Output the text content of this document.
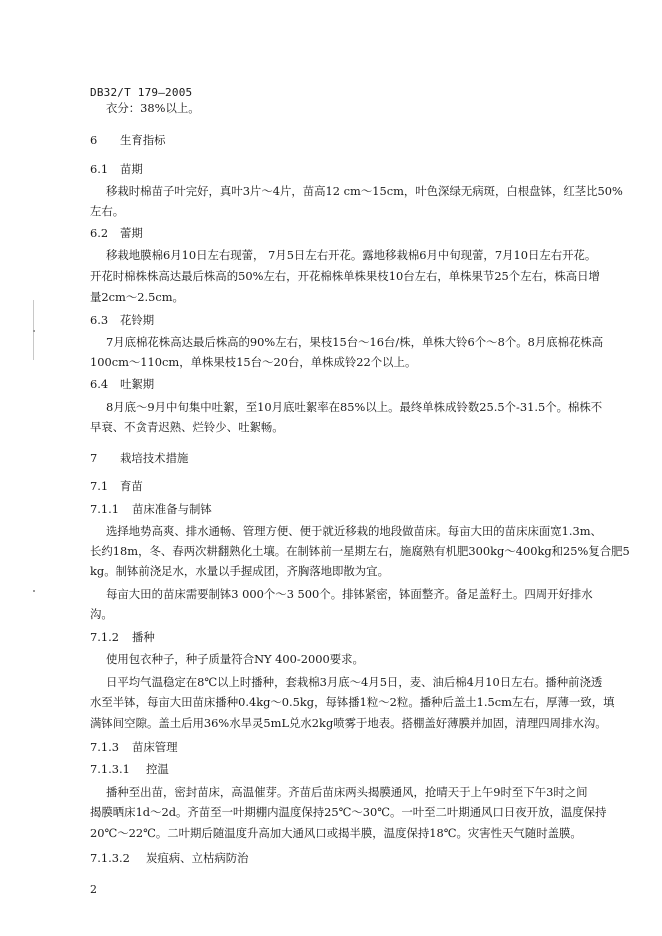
DB32/T 179—2005
衣分：38%以上。
6 生育指标
6.1 苗期
移栽时棉苗子叶完好，真叶3片～4片，苗高12 cm～15cm，叶色深绿无病斑，白根盘钵，红茎比50%
左右。
6.2 蕾期
移栽地膜棉6月10日左右现蕾， 7月5日左右开花。露地移栽棉6月中旬现蕾，7月10日左右开花。
开花时棉株株高达最后株高的50%左右，开花棉株单株果枝10台左右，单株果节25个左右，株高日增
量2cm～2.5cm。
6.3 花铃期
7月底棉花株高达最后株高的90%左右，果枝15台～16台/株，单株大铃6个～8个。8月底棉花株高
100cm～110cm，单株果枝15台～20台，单株成铃22个以上。
6.4 吐絮期
8月底～9月中旬集中吐絮，至10月底吐絮率在85%以上。最终单株成铃数25.5个-31.5个。棉株不
早衰、不贪青迟熟、烂铃少、吐絮畅。
7 栽培技术措施
7.1 育苗
7.1.1 苗床准备与制钵
选择地势高爽、排水通畅、管理方便、便于就近移栽的地段做苗床。每亩大田的苗床床面宽1.3m、
长约18m，冬、春两次耕翻熟化土壤。在制钵前一星期左右，施腐熟有机肥300kg～400kg和25%复合肥5
kg。制钵前浇足水，水量以手握成团，齐胸落地即散为宜。
每亩大田的苗床需要制钵3 000个～3 500个。排钵紧密，钵面整齐。备足盖籽土。四周开好排水
沟。
7.1.2 播种
使用包衣种子，种子质量符合NY 400-2000要求。
日平均气温稳定在8℃以上时播种，套栽棉3月底～4月5日，麦、油后棉4月10日左右。播种前浇透
水至半钵，每亩大田苗床播种0.4kg～0.5kg，每钵播1粒～2粒。播种后盖土1.5cm左右，厚薄一致，填
满钵间空隙。盖土后用36%水旱灵5mL兑水2kg喷雾于地表。搭棚盖好薄膜并加固，清理四周排水沟。
7.1.3 苗床管理
7.1.3.1 控温
播种至出苗，密封苗床，高温催芽。齐苗后苗床两头揭膜通风，抢晴天于上午9时至下午3时之间
揭膜晒床1d～2d。齐苗至一叶期棚内温度保持25℃～30℃。一叶至二叶期通风口日夜开放，温度保持
20℃～22℃。二叶期后随温度升高加大通风口或揭半膜，温度保持18℃。灾害性天气随时盖膜。
7.1.3.2 炭疽病、立枯病防治
2
